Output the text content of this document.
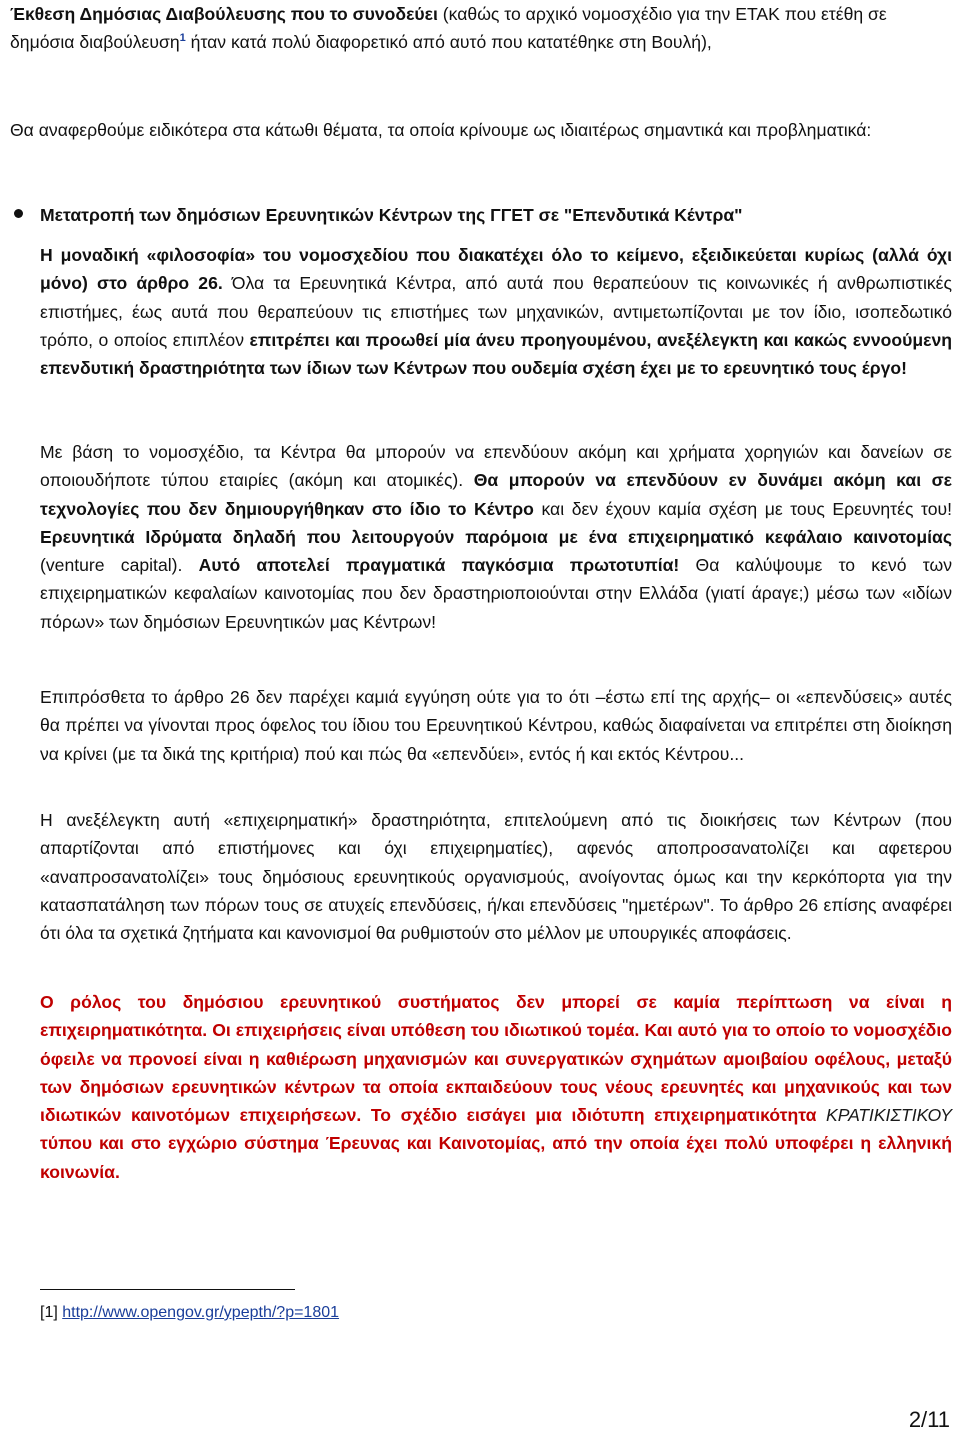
Έκθεση Δημόσιας Διαβούλευσης που το συνοδεύει (καθώς το αρχικό νομοσχέδιο για την ΕΤΑΚ που ετέθη σε δημόσια διαβούλευση$^1$ ήταν κατά πολύ διαφορετικό από αυτό που κατατέθηκε στη Βουλή),

Θα αναφερθούμε ειδικότερα στα κάτωθι θέματα, τα οποία κρίνουμε ως ιδιαιτέρως σημαντικά και προβληματικά:

Μετατροπή των δημόσιων Ερευνητικών Κέντρων της ΓΓΕΤ σε "Επενδυτικά Κέντρα"

Η μοναδική «φιλοσοφία» του νομοσχεδίου που διακατέχει όλο το κείμενο, εξειδικεύεται κυρίως (αλλά όχι μόνο) στο άρθρο 26. Όλα τα Ερευνητικά Κέντρα, από αυτά που θεραπεύουν τις κοινωνικές ή ανθρωπιστικές επιστήμες, έως αυτά που θεραπεύουν τις επιστήμες των μηχανικών, αντιμετωπίζονται με τον ίδιο, ισοπεδωτικό τρόπο, ο οποίος επιπλέον επιτρέπει και προωθεί μία άνευ προηγουμένου, ανεξέλεγκτη και κακώς εννοούμενη επενδυτική δραστηριότητα των ίδιων των Κέντρων που ουδεμία σχέση έχει με το ερευνητικό τους έργο!

Με βάση το νομοσχέδιο, τα Κέντρα θα μπορούν να επενδύουν ακόμη και χρήματα χορηγιών και δανείων σε οποιουδήποτε τύπου εταιρίες (ακόμη και ατομικές). Θα μπορούν να επενδύουν εν δυνάμει ακόμη και σε τεχνολογίες που δεν δημιουργήθηκαν στο ίδιο το Κέντρο και δεν έχουν καμία σχέση με τους Ερευνητές του! Ερευνητικά Ιδρύματα δηλαδή που λειτουργούν παρόμοια με ένα επιχειρηματικό κεφάλαιο καινοτομίας (venture capital). Αυτό αποτελεί πραγματικά παγκόσμια πρωτοτυπία! Θα καλύψουμε το κενό των επιχειρηματικών κεφαλαίων καινοτομίας που δεν δραστηριοποιούνται στην Ελλάδα (γιατί άραγε;) μέσω των «ιδίων πόρων» των δημόσιων Ερευνητικών μας Κέντρων!

Επιπρόσθετα το άρθρο 26 δεν παρέχει καμιά εγγύηση ούτε για το ότι –έστω επί της αρχής– οι «επενδύσεις» αυτές θα πρέπει να γίνονται προς όφελος του ίδιου του Ερευνητικού Κέντρου, καθώς διαφαίνεται να επιτρέπει στη διοίκηση να κρίνει (με τα δικά της κριτήρια) πού και πώς θα «επενδύει», εντός ή και εκτός Κέντρου...

Η ανεξέλεγκτη αυτή «επιχειρηματική» δραστηριότητα, επιτελούμενη από τις διοικήσεις των Κέντρων (που απαρτίζονται από επιστήμονες και όχι επιχειρηματίες), αφενός αποπροσανατολίζει και αφετερου «αναπροσανατολίζει» τους δημόσιους ερευνητικούς οργανισμούς, ανοίγοντας όμως και την κερκόπορτα για την κατασπατάληση των πόρων τους σε ατυχείς επενδύσεις, ή/και επενδύσεις "ημετέρων". Το άρθρο 26 επίσης αναφέρει ότι όλα τα σχετικά ζητήματα και κανονισμοί θα ρυθμιστούν στο μέλλον με υπουργικές αποφάσεις.

Ο ρόλος του δημόσιου ερευνητικού συστήματος δεν μπορεί σε καμία περίπτωση να είναι η επιχειρηματικότητα. Οι επιχειρήσεις είναι υπόθεση του ιδιωτικού τομέα. Και αυτό για το οποίο το νομοσχέδιο όφειλε να προνοεί είναι η καθιέρωση μηχανισμών και συνεργατικών σχημάτων αμοιβαίου οφέλους, μεταξύ των δημόσιων ερευνητικών κέντρων τα οποία εκπαιδεύουν τους νέους ερευνητές και μηχανικούς και των ιδιωτικών καινοτόμων επιχειρήσεων. Το σχέδιο εισάγει μια ιδιότυπη επιχειρηματικότητα ΚΡΑΤΙΚΙΣΤΙΚΟΥ τύπου και στο εγχώριο σύστημα Έρευνας και Καινοτομίας, από την οποία έχει πολύ υποφέρει η ελληνική κοινωνία.

[1] http://www.opengov.gr/ypepth/?p=1801
2/11
